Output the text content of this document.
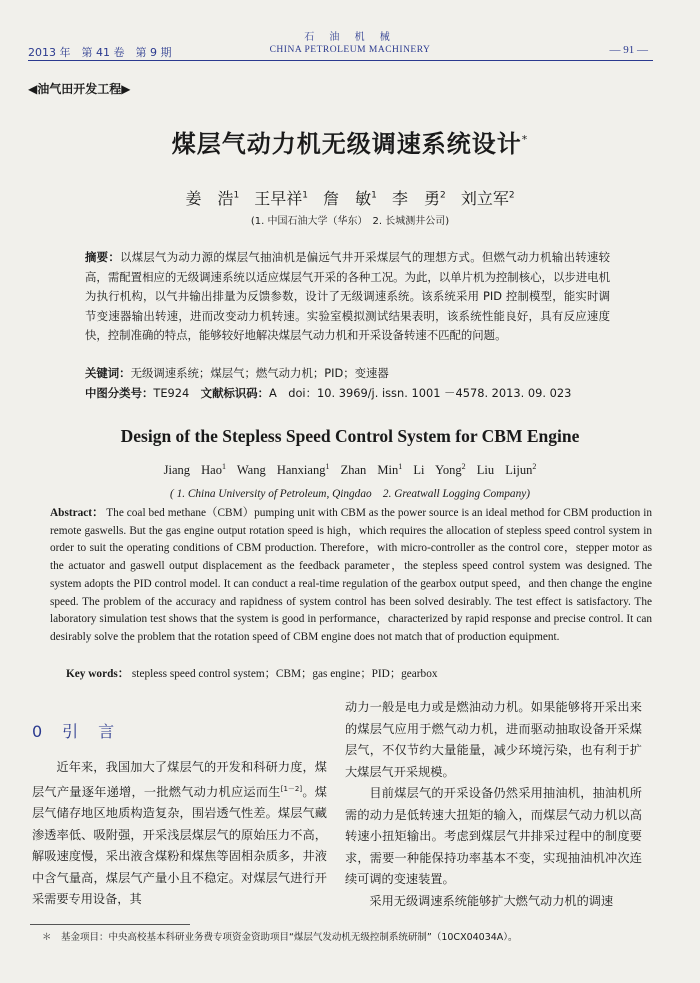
2013 年　第 41 卷　第 9 期
石 油 机 械
CHINA PETROLEUM MACHINERY	— 91 —
◀油气田开发工程▶
煤层气动力机无级调速系统设计*
姜　浩$^1$ 王早祥$^1$ 詹　敏$^1$ 李　勇$^2$ 刘立军$^2$
(1. 中国石油大学（华东）　2. 长城测井公司)
摘要：以煤层气为动力源的煤层气抽油机是偏远气井开采煤层气的理想方式。但燃气动力机输出转速较高，需配置相应的无级调速系统以适应煤层气开采的各种工况。为此，以单片机为控制核心，以步进电机为执行机构，以气井输出排量为反馈参数，设计了无级调速系统。该系统采用 PID 控制模型，能实时调节变速器输出转速，进而改变动力机转速。实验室模拟测试结果表明，该系统性能良好，具有反应速度快，控制准确的特点，能够较好地解决煤层气动力机和开采设备转速不匹配的问题。
关键词：无级调速系统；煤层气；燃气动力机；PID；变速器
中图分类号：TE924　 文献标识码：A　 doi：10. 3969/j. issn. 1001 －4578. 2013. 09. 023
Design of the Stepless Speed Control System for CBM Engine
Jiang Hao$^1$ Wang Hanxiang$^1$ Zhan Min$^1$ Li Yong$^2$ Liu Lijun$^2$
( 1. China University of Petroleum, Qingdao　2. Greatwall Logging Company)
Abstract： The coal bed methane（CBM）pumping unit with CBM as the power source is an ideal method for CBM production in remote gaswells. But the gas engine output rotation speed is high，which requires the allocation of stepless speed control system in order to suit the operating conditions of CBM production. Therefore，with micro-controller as the control core，stepper motor as the actuator and gaswell output displacement as the feedback parameter，the stepless speed control system was designed. The system adopts the PID control model. It can conduct a real-time regulation of the gearbox output speed，and then change the engine speed. The problem of the accuracy and rapidness of system control has been solved desirably. The test effect is satisfactory. The laboratory simulation test shows that the system is good in performance，characterized by rapid response and precise control. It can desirably solve the problem that the rotation speed of CBM engine does not match that of production equipment.
Key words： stepless speed control system；CBM；gas engine；PID；gearbox
0　引　言
近年来，我国加大了煤层气的开发和科研力度，煤层气产量逐年递增，一批燃气动力机应运而生[1－2]。煤层气储存地区地质构造复杂，围岩透气性差。煤层气藏渗透率低、吸附强，开采浅层煤层气的原始压力不高，解吸速度慢，采出液含煤粉和煤焦等固相杂质多，井液中含气量高，煤层气产量小且不稳定。对煤层气进行开采需要专用设备，其

动力一般是电力或是燃油动力机。如果能够将开采出来的煤层气应用于燃气动力机，进而驱动抽取设备开采煤层气，不仅节约大量能量，减少环境污染，也有利于扩大煤层气开采规模。

目前煤层气的开采设备仍然采用抽油机，抽油机所需的动力是低转速大扭矩的输入，而煤层气动力机以高转速小扭矩输出。考虑到煤层气井排采过程中的制度要求，需要一种能保持功率基本不变，实现抽油机冲次连续可调的变速装置。

采用无级调速系统能够扩大燃气动力机的调速

＊　基金项目：中央高校基本科研业务费专项资金资助项目“煤层气发动机无级控制系统研制”（10CX04034A）。
